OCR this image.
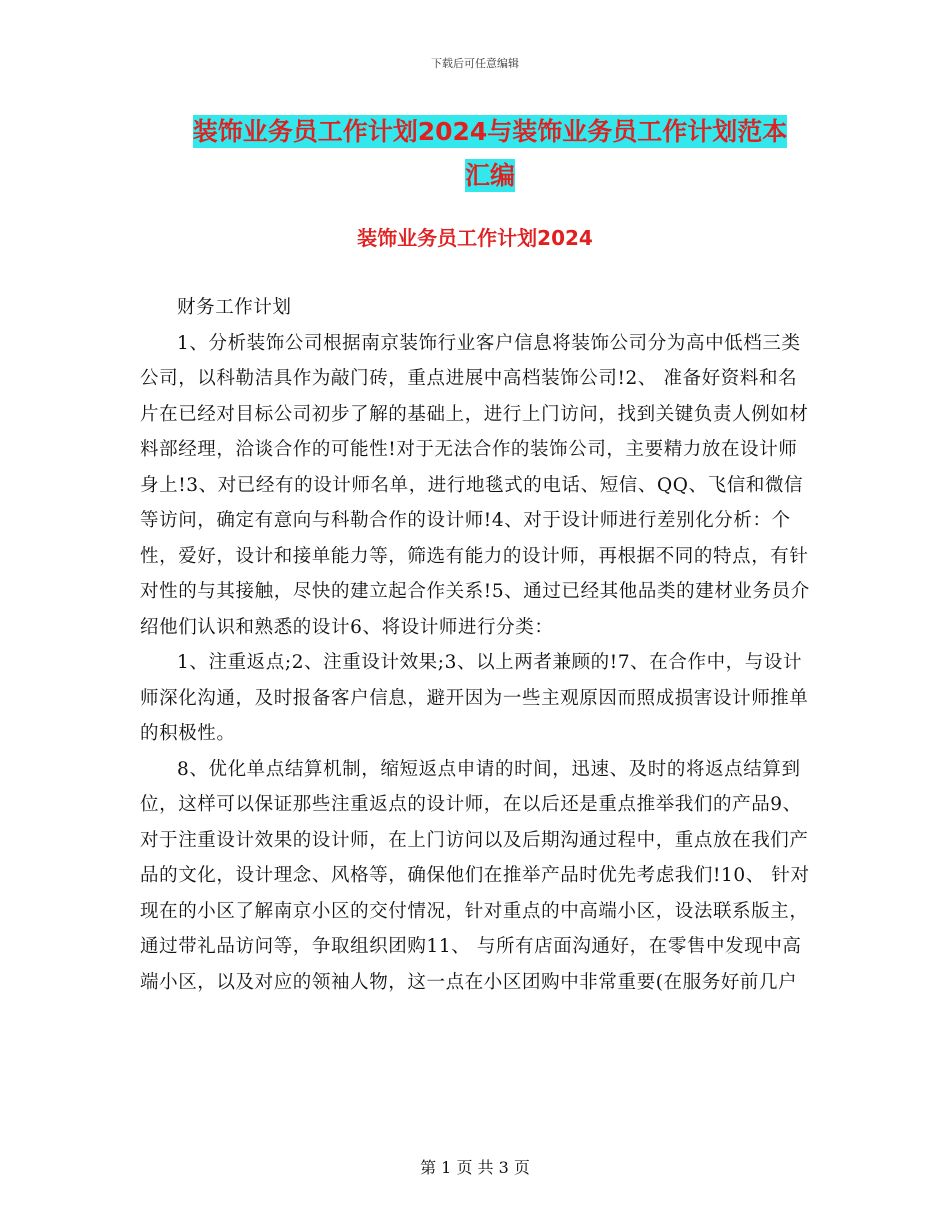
下载后可任意编辑
装饰业务员工作计划2024与装饰业务员工作计划范本
汇编
装饰业务员工作计划2024

财务工作计划

1、分析装饰公司根据南京装饰行业客户信息将装饰公司分为高中低档三类公司，以科勒洁具作为敲门砖，重点进展中高档装饰公司!2、 准备好资料和名片在已经对目标公司初步了解的基础上，进行上门访问，找到关键负责人例如材料部经理，洽谈合作的可能性!对于无法合作的装饰公司，主要精力放在设计师身上!3、对已经有的设计师名单，进行地毯式的电话、短信、QQ、飞信和微信等访问，确定有意向与科勒合作的设计师!4、对于设计师进行差别化分析：个性，爱好，设计和接单能力等，筛选有能力的设计师，再根据不同的特点，有针对性的与其接触，尽快的建立起合作关系!5、通过已经其他品类的建材业务员介绍他们认识和熟悉的设计6、将设计师进行分类：

1、注重返点;2、注重设计效果;3、以上两者兼顾的!7、在合作中，与设计师深化沟通，及时报备客户信息，避开因为一些主观原因而照成损害设计师推单的积极性。

8、优化单点结算机制，缩短返点申请的时间，迅速、及时的将返点结算到位，这样可以保证那些注重返点的设计师，在以后还是重点推举我们的产品9、对于注重设计效果的设计师，在上门访问以及后期沟通过程中，重点放在我们产品的文化，设计理念、风格等，确保他们在推举产品时优先考虑我们!10、 针对现在的小区了解南京小区的交付情况，针对重点的中高端小区，设法联系版主，通过带礼品访问等，争取组织团购11、 与所有店面沟通好，在零售中发现中高端小区，以及对应的领袖人物，这一点在小区团购中非常重要(在服务好前几户

第 1 页 共 3 页
